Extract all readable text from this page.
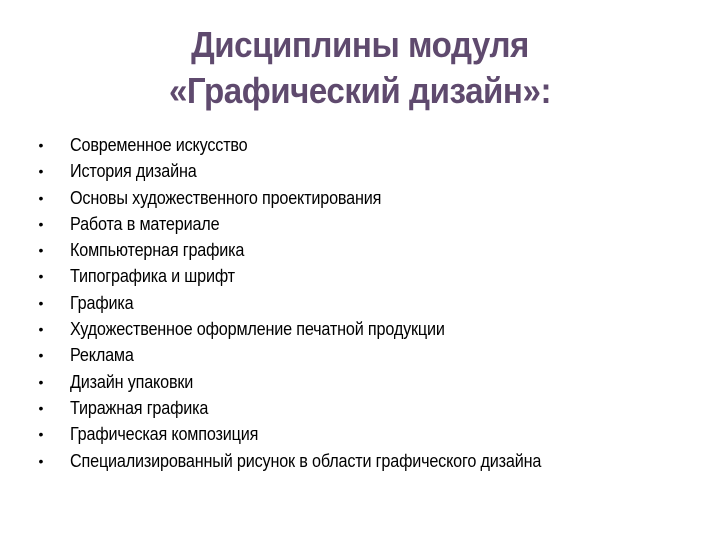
Дисциплины модуля
«Графический дизайн»:
• Современное искусство
• История дизайна
• Основы художественного проектирования
• Работа в материале
• Компьютерная графика
• Типографика и шрифт
• Графика
• Художественное оформление печатной продукции
• Реклама
• Дизайн упаковки
• Тиражная графика
• Графическая композиция
• Специализированный рисунок в области графического дизайна
